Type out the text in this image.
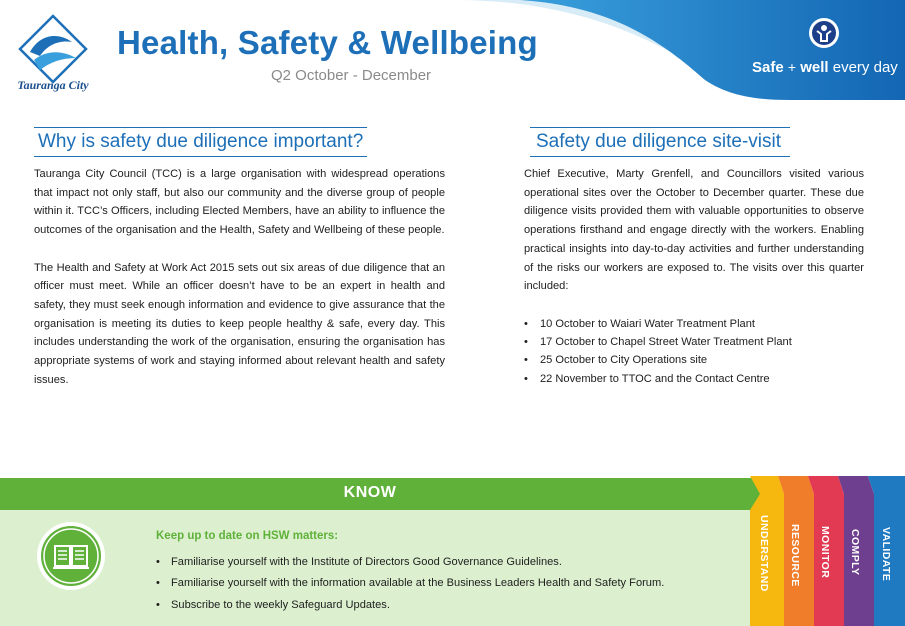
Tauranga City
Health, Safety & Wellbeing
Q2 October - December	Safe + well every day
Why is safety due diligence important?

Tauranga City Council (TCC) is a large organisation with widespread operations that impact not only staff, but also our community and the diverse group of people within it. TCC’s Officers, including Elected Members, have an ability to influence the outcomes of the organisation and the Health, Safety and Wellbeing of these people.

The Health and Safety at Work Act 2015 sets out six areas of due diligence that an officer must meet. While an officer doesn’t have to be an expert in health and safety, they must seek enough information and evidence to give assurance that the organisation is meeting its duties to keep people healthy & safe, every day. This includes understanding the work of the organisation, ensuring the organisation has appropriate systems of work and staying informed about relevant health and safety issues.

Safety due diligence site-visit

Chief Executive, Marty Grenfell, and Councillors visited various operational sites over the October to December quarter. These due diligence visits provided them with valuable opportunities to observe operations firsthand and engage directly with the workers. Enabling practical insights into day-to-day activities and further understanding of the risks our workers are exposed to. The visits over this quarter included:

• 10 October to Waiari Water Treatment Plant
• 17 October to Chapel Street Water Treatment Plant
• 25 October to City Operations site
• 22 November to TTOC and the Contact Centre
KNOW
Keep up to date on HSW matters:
• Familiarise yourself with the Institute of Directors Good Governance Guidelines.
• Familiarise yourself with the information available at the Business Leaders Health and Safety Forum.
• Subscribe to the weekly Safeguard Updates.
UNDERSTAND RESOURCE MONITOR COMPLY VALIDATE
